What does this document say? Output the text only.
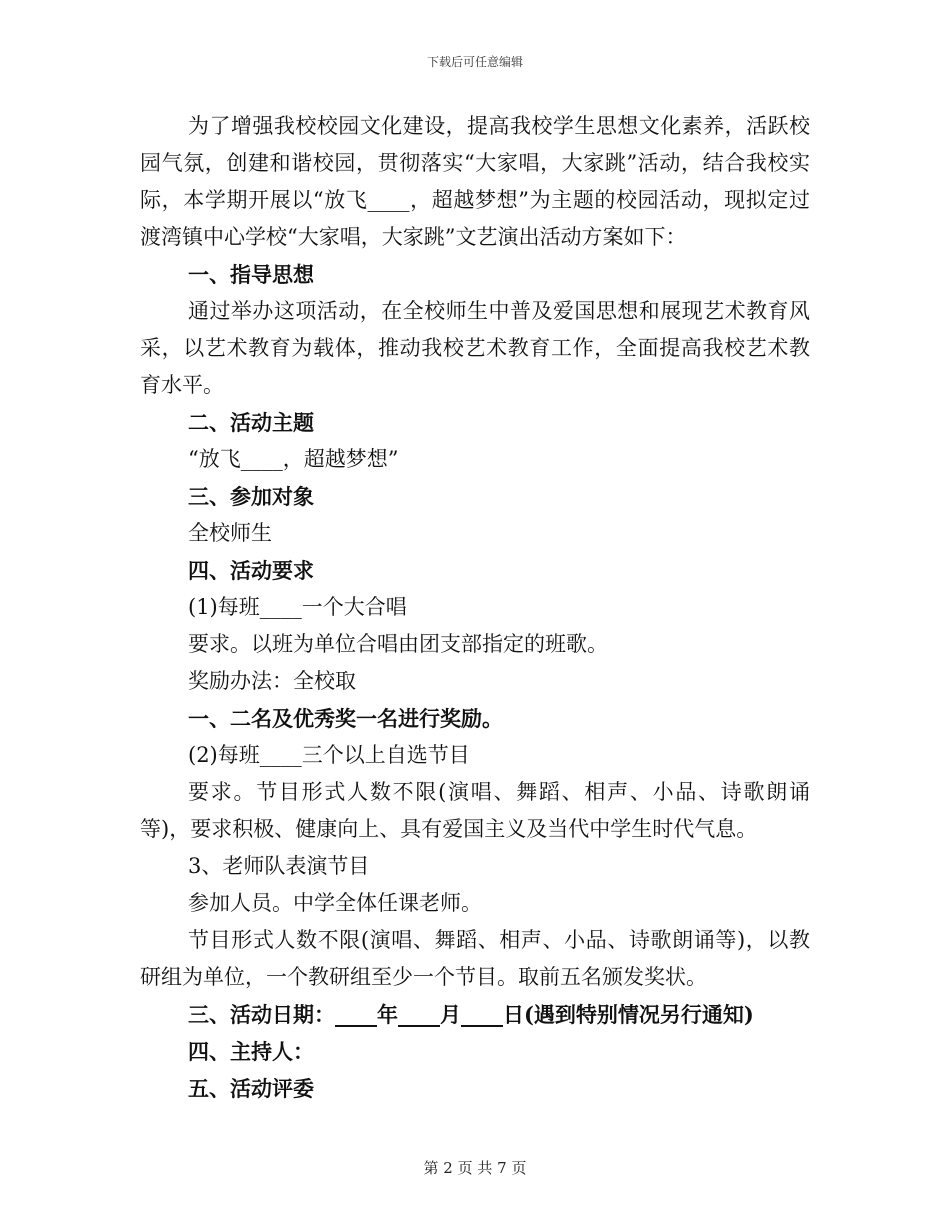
下载后可任意编辑

为了增强我校校园文化建设，提高我校学生思想文化素养，活跃校园气氛，创建和谐校园，贯彻落实“大家唱，大家跳”活动，结合我校实际，本学期开展以“放飞____，超越梦想”为主题的校园活动，现拟定过渡湾镇中心学校“大家唱，大家跳”文艺演出活动方案如下：

一、指导思想

通过举办这项活动，在全校师生中普及爱国思想和展现艺术教育风采，以艺术教育为载体，推动我校艺术教育工作，全面提高我校艺术教育水平。

二、活动主题
“放飞____，超越梦想”
三、参加对象
全校师生
四、活动要求
(1)每班____一个大合唱
要求。以班为单位合唱由团支部指定的班歌。
奖励办法：全校取
一、二名及优秀奖一名进行奖励。
(2)每班____三个以上自选节目

要求。节目形式人数不限(演唱、舞蹈、相声、小品、诗歌朗诵等)，要求积极、健康向上、具有爱国主义及当代中学生时代气息。

3、老师队表演节目
参加人员。中学全体任课老师。

节目形式人数不限(演唱、舞蹈、相声、小品、诗歌朗诵等)，以教研组为单位，一个教研组至少一个节目。取前五名颁发奖状。

三、活动日期：____年____月____日(遇到特别情况另行通知)
四、主持人：
五、活动评委
第 2 页 共 7 页
